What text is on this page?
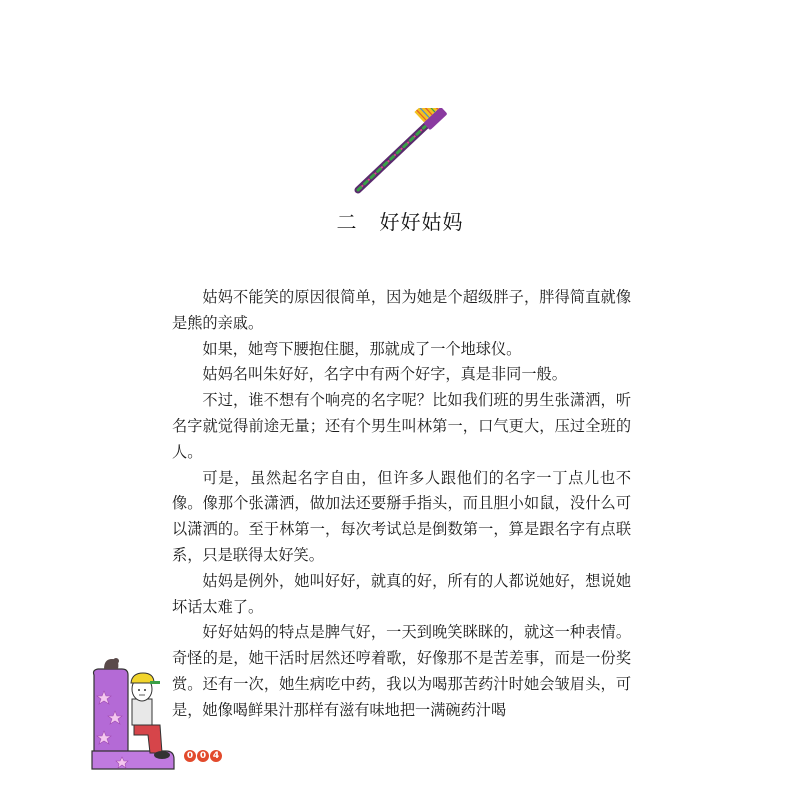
二 好好姑妈

姑妈不能笑的原因很简单，因为她是个超级胖子，胖得简直就像是熊的亲戚。

如果，她弯下腰抱住腿，那就成了一个地球仪。

姑妈名叫朱好好，名字中有两个好字，真是非同一般。

不过，谁不想有个响亮的名字呢？比如我们班的男生张潇洒，听名字就觉得前途无量；还有个男生叫林第一，口气更大，压过全班的人。

可是，虽然起名字自由，但许多人跟他们的名字一丁点儿也不像。像那个张潇洒，做加法还要掰手指头，而且胆小如鼠，没什么可以潇洒的。至于林第一，每次考试总是倒数第一，算是跟名字有点联系，只是联得太好笑。

姑妈是例外，她叫好好，就真的好，所有的人都说她好，想说她坏话太难了。

好好姑妈的特点是脾气好，一天到晚笑眯眯的，就这一种表情。奇怪的是，她干活时居然还哼着歌，好像那不是苦差事，而是一份奖赏。还有一次，她生病吃中药，我以为喝那苦药汁时她会皱眉头，可是，她像喝鲜果汁那样有滋有味地把一满碗药汁喝

0 0 4
